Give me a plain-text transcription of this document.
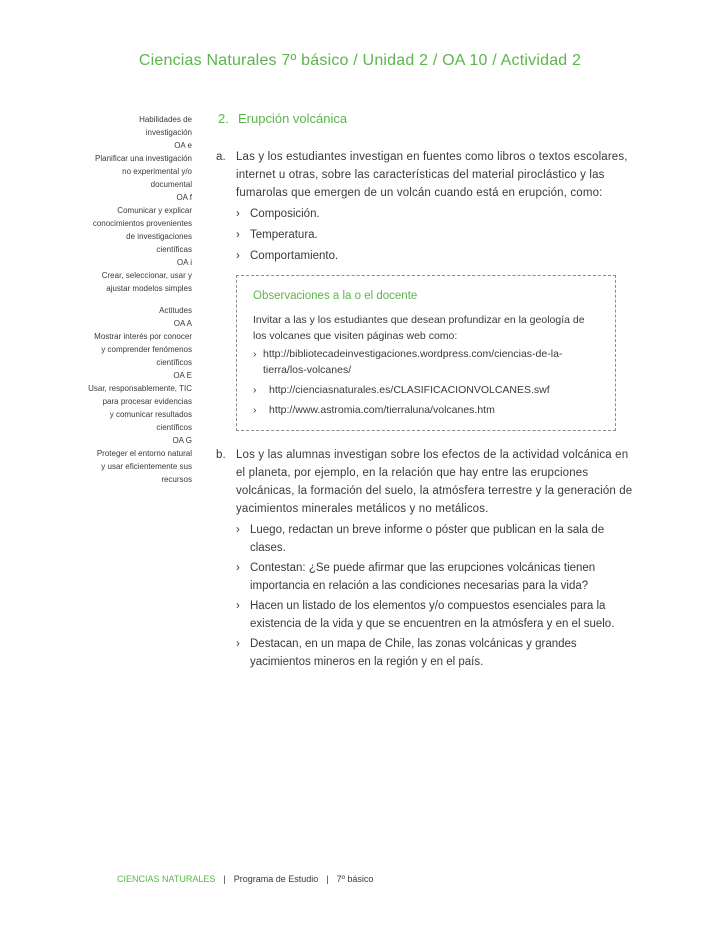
Ciencias Naturales 7º básico / Unidad 2 / OA 10 / Actividad 2
Habilidades de
investigación
OA e
Planificar una investigación
no experimental y/o
documental
OA f
Comunicar y explicar
conocimientos provenientes
de investigaciones
científicas
OA i
Crear, seleccionar, usar y
ajustar modelos simples
Actitudes
OA A
Mostrar interés por conocer
y comprender fenómenos
científicos
OA E
Usar, responsablemente, TIC
para procesar evidencias
y comunicar resultados
científicos
OA G
Proteger el entorno natural
y usar eficientemente sus
recursos
2. Erupción volcánica
a. Las y los estudiantes investigan en fuentes como libros o textos escolares, internet u otras, sobre las características del material piroclástico y las fumarolas que emergen de un volcán cuando está en erupción, como:
› Composición.
› Temperatura.
› Comportamiento.
Observaciones a la o el docente
Invitar a las y los estudiantes que desean profundizar en la geología de los volcanes que visiten páginas web como:
› http://bibliotecadeinvestigaciones.wordpress.com/ciencias-de-la-tierra/los-volcanes/
› http://cienciasnaturales.es/CLASIFICACIONVOLCANES.swf
› http://www.astromia.com/tierraluna/volcanes.htm
b. Los y las alumnas investigan sobre los efectos de la actividad volcánica en el planeta, por ejemplo, en la relación que hay entre las erupciones volcánicas, la formación del suelo, la atmósfera terrestre y la generación de yacimientos minerales metálicos y no metálicos.
› Luego, redactan un breve informe o póster que publican en la sala de clases.
› Contestan: ¿Se puede afirmar que las erupciones volcánicas tienen importancia en relación a las condiciones necesarias para la vida?
› Hacen un listado de los elementos y/o compuestos esenciales para la existencia de la vida y que se encuentren en la atmósfera y en el suelo.
› Destacan, en un mapa de Chile, las zonas volcánicas y grandes yacimientos mineros en la región y en el país.
CIENCIAS NATURALES | Programa de Estudio | 7º básico
